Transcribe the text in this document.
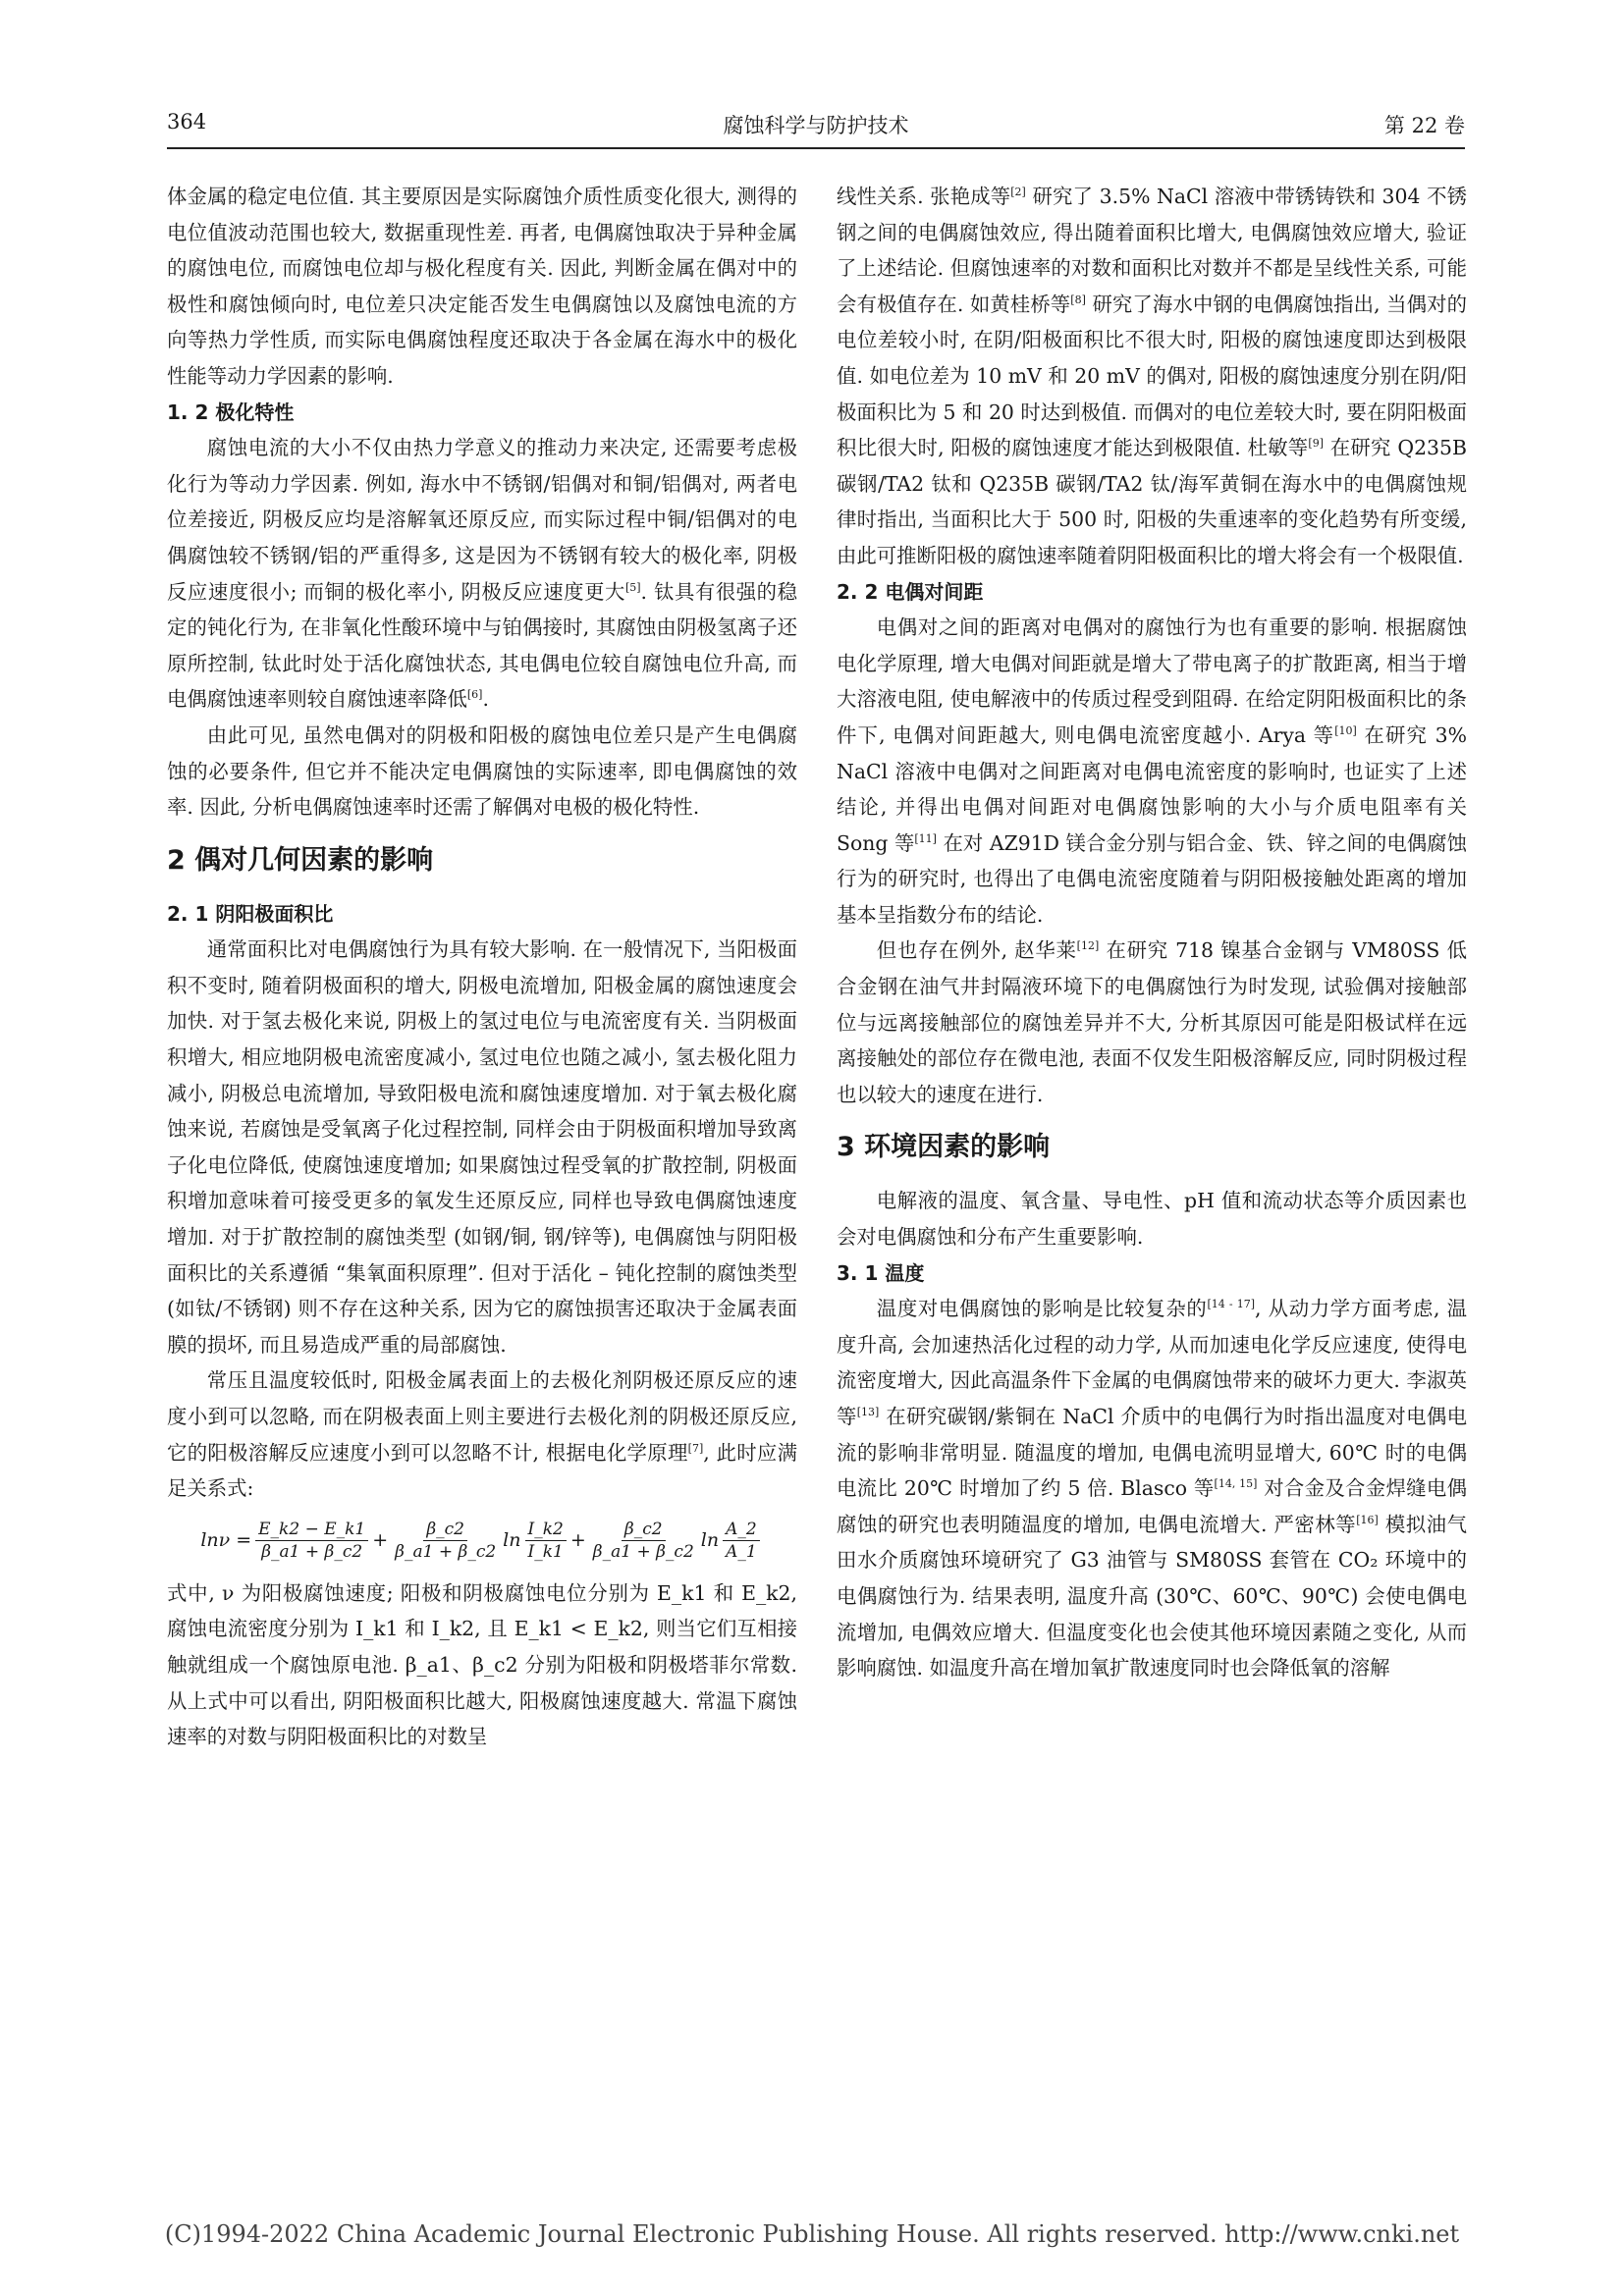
364	腐蚀科学与防护技术	第 22 卷

体金属的稳定电位值. 其主要原因是实际腐蚀介质性质变化很大, 测得的电位值波动范围也较大, 数据重现性差. 再者, 电偶腐蚀取决于异种金属的腐蚀电位, 而腐蚀电位却与极化程度有关. 因此, 判断金属在偶对中的极性和腐蚀倾向时, 电位差只决定能否发生电偶腐蚀以及腐蚀电流的方向等热力学性质, 而实际电偶腐蚀程度还取决于各金属在海水中的极化性能等动力学因素的影响.

1. 2 极化特性

腐蚀电流的大小不仅由热力学意义的推动力来决定, 还需要考虑极化行为等动力学因素. 例如, 海水中不锈钢/铝偶对和铜/铝偶对, 两者电位差接近, 阴极反应均是溶解氧还原反应, 而实际过程中铜/铝偶对的电偶腐蚀较不锈钢/铝的严重得多, 这是因为不锈钢有较大的极化率, 阴极反应速度很小; 而铜的极化率小, 阴极反应速度更大[5]. 钛具有很强的稳定的钝化行为, 在非氧化性酸环境中与铂偶接时, 其腐蚀由阴极氢离子还原所控制, 钛此时处于活化腐蚀状态, 其电偶电位较自腐蚀电位升高, 而电偶腐蚀速率则较自腐蚀速率降低[6].

由此可见, 虽然电偶对的阴极和阳极的腐蚀电位差只是产生电偶腐蚀的必要条件, 但它并不能决定电偶腐蚀的实际速率, 即电偶腐蚀的效率. 因此, 分析电偶腐蚀速率时还需了解偶对电极的极化特性.

2 偶对几何因素的影响
2. 1 阴阳极面积比

通常面积比对电偶腐蚀行为具有较大影响. 在一般情况下, 当阳极面积不变时, 随着阴极面积的增大, 阴极电流增加, 阳极金属的腐蚀速度会加快. 对于氢去极化来说, 阴极上的氢过电位与电流密度有关. 当阴极面积增大, 相应地阴极电流密度减小, 氢过电位也随之减小, 氢去极化阻力减小, 阴极总电流增加, 导致阳极电流和腐蚀速度增加. 对于氧去极化腐蚀来说, 若腐蚀是受氧离子化过程控制, 同样会由于阴极面积增加导致离子化电位降低, 使腐蚀速度增加; 如果腐蚀过程受氧的扩散控制, 阴极面积增加意味着可接受更多的氧发生还原反应, 同样也导致电偶腐蚀速度增加. 对于扩散控制的腐蚀类型 (如钢/铜, 钢/锌等), 电偶腐蚀与阴阳极面积比的关系遵循 “集氧面积原理”. 但对于活化 – 钝化控制的腐蚀类型 (如钛/不锈钢) 则不存在这种关系, 因为它的腐蚀损害还取决于金属表面膜的损坏, 而且易造成严重的局部腐蚀.

常压且温度较低时, 阳极金属表面上的去极化剂阴极还原反应的速度小到可以忽略, 而在阴极表面上则主要进行去极化剂的阴极还原反应, 它的阳极溶解反应速度小到可以忽略不计, 根据电化学原理[7], 此时应满足关系式:

$\ln\nu = \frac{E\_k2 - E\_k1}{\beta\_a1 + \beta\_c2} + \frac{\beta\_c2}{\beta\_a1 + \beta\_c2}$ $\ln \frac{I\_k2}{I\_k1} + \frac{\beta\_c2}{\beta\_a1 + \beta\_c2}$ $\ln \frac{A\_2}{A\_1}$

式中, ν 为阳极腐蚀速度; 阳极和阴极腐蚀电位分别为 E_k1 和 E_k2, 腐蚀电流密度分别为 I_k1 和 I_k2, 且 E_k1 < E_k2, 则当它们互相接触就组成一个腐蚀原电池. β_a1、β_c2 分别为阳极和阴极塔菲尔常数. 从上式中可以看出, 阴阳极面积比越大, 阳极腐蚀速度越大. 常温下腐蚀速率的对数与阴阳极面积比的对数呈

线性关系. 张艳成等[2] 研究了 3.5% NaCl 溶液中带锈铸铁和 304 不锈钢之间的电偶腐蚀效应, 得出随着面积比增大, 电偶腐蚀效应增大, 验证了上述结论. 但腐蚀速率的对数和面积比对数并不都是呈线性关系, 可能会有极值存在. 如黄桂桥等[8] 研究了海水中钢的电偶腐蚀指出, 当偶对的电位差较小时, 在阴/阳极面积比不很大时, 阳极的腐蚀速度即达到极限值. 如电位差为 10 mV 和 20 mV 的偶对, 阳极的腐蚀速度分别在阴/阳极面积比为 5 和 20 时达到极值. 而偶对的电位差较大时, 要在阴阳极面积比很大时, 阳极的腐蚀速度才能达到极限值. 杜敏等[9] 在研究 Q235B 碳钢/TA2 钛和 Q235B 碳钢/TA2 钛/海军黄铜在海水中的电偶腐蚀规律时指出, 当面积比大于 500 时, 阳极的失重速率的变化趋势有所变缓, 由此可推断阳极的腐蚀速率随着阴阳极面积比的增大将会有一个极限值.

2. 2 电偶对间距

电偶对之间的距离对电偶对的腐蚀行为也有重要的影响. 根据腐蚀电化学原理, 增大电偶对间距就是增大了带电离子的扩散距离, 相当于增大溶液电阻, 使电解液中的传质过程受到阻碍. 在给定阴阳极面积比的条件下, 电偶对间距越大, 则电偶电流密度越小. Arya 等[10] 在研究 3% NaCl 溶液中电偶对之间距离对电偶电流密度的影响时, 也证实了上述结论, 并得出电偶对间距对电偶腐蚀影响的大小与介质电阻率有关 Song 等[11] 在对 AZ91D 镁合金分别与铝合金、铁、锌之间的电偶腐蚀行为的研究时, 也得出了电偶电流密度随着与阴阳极接触处距离的增加基本呈指数分布的结论.

但也存在例外, 赵华莱[12] 在研究 718 镍基合金钢与 VM80SS 低合金钢在油气井封隔液环境下的电偶腐蚀行为时发现, 试验偶对接触部位与远离接触部位的腐蚀差异并不大, 分析其原因可能是阳极试样在远离接触处的部位存在微电池, 表面不仅发生阳极溶解反应, 同时阴极过程也以较大的速度在进行.

3 环境因素的影响

电解液的温度、氧含量、导电性、pH 值和流动状态等介质因素也会对电偶腐蚀和分布产生重要影响.

3. 1 温度

温度对电偶腐蚀的影响是比较复杂的[14 - 17], 从动力学方面考虑, 温度升高, 会加速热活化过程的动力学, 从而加速电化学反应速度, 使得电流密度增大, 因此高温条件下金属的电偶腐蚀带来的破坏力更大. 李淑英等[13] 在研究碳钢/紫铜在 NaCl 介质中的电偶行为时指出温度对电偶电流的影响非常明显. 随温度的增加, 电偶电流明显增大, 60℃ 时的电偶电流比 20℃ 时增加了约 5 倍. Blasco 等[14, 15] 对合金及合金焊缝电偶腐蚀的研究也表明随温度的增加, 电偶电流增大. 严密林等[16] 模拟油气田水介质腐蚀环境研究了 G3 油管与 SM80SS 套管在 CO₂ 环境中的电偶腐蚀行为. 结果表明, 温度升高 (30℃、60℃、90℃) 会使电偶电流增加, 电偶效应增大. 但温度变化也会使其他环境因素随之变化, 从而影响腐蚀. 如温度升高在增加氧扩散速度同时也会降低氧的溶解

(C)1994-2022 China Academic Journal Electronic Publishing House. All rights reserved. http://www.cnki.net
